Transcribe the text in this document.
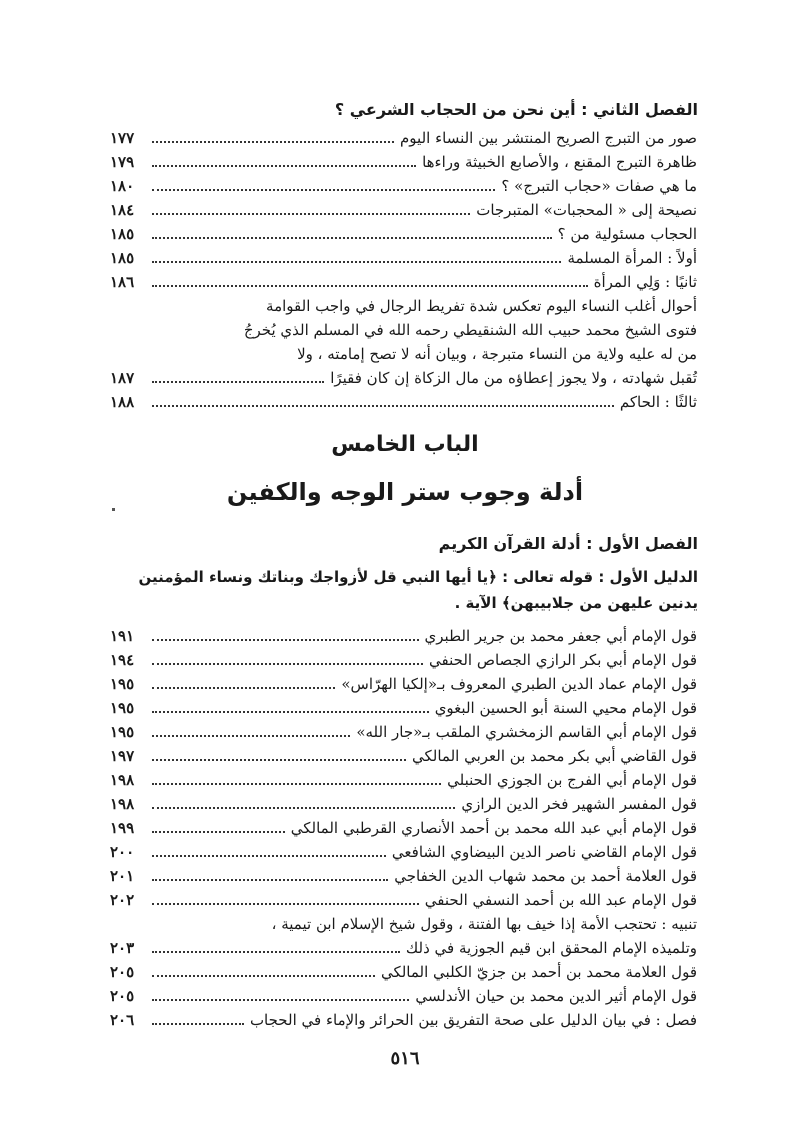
الفصل الثاني : أين نحن من الحجاب الشرعي ؟
صور من التبرج الصريح المنتشر بين النساء اليوم
١٧٧
ظاهرة التبرج المقنع ، والأصابع الخبيثة وراءها
١٧٩
ما هي صفات «حجاب التبرج» ؟
١٨٠
نصيحة إلى « المحجبات» المتبرجات
١٨٤
الحجاب مسئولية من ؟
١٨٥
أولاً : المرأة المسلمة
١٨٥
ثانيًا : وَلِي المرأة
١٨٦
أحوال أغلب النساء اليوم تعكس شدة تفريط الرجال في واجب القوامة
فتوى الشيخ محمد حبيب الله الشنقيطي رحمه الله في المسلم الذي يُخرجُ
من له عليه ولاية من النساء متبرجة ، وبيان أنه لا تصح إمامته ، ولا
تُقبل شهادته ، ولا يجوز إعطاؤه من مال الزكاة إن كان فقيرًا
١٨٧
ثالثًا : الحاكم
١٨٨
الباب الخامس
أدلة وجوب ستر الوجه والكفين
الفصل الأول : أدلة القرآن الكريم
الدليل الأول : قوله تعالى : ﴿يا أيها النبي قل لأزواجك وبناتك ونساء المؤمنين
يدنين عليهن من جلابيبهن﴾ الآية .
قول الإمام أبي جعفر محمد بن جرير الطبري
١٩١
قول الإمام أبي بكر الرازي الجصاص الحنفي
١٩٤
قول الإمام عماد الدين الطبري المعروف بـ«إلكيا الهرّاس»
١٩٥
قول الإمام محيي السنة أبو الحسين البغوي
١٩٥
قول الإمام أبي القاسم الزمخشري الملقب بـ«جار الله»
١٩٥
قول القاضي أبي بكر محمد بن العربي المالكي
١٩٧
قول الإمام أبي الفرج بن الجوزي الحنبلي
١٩٨
قول المفسر الشهير فخر الدين الرازي
١٩٨
قول الإمام أبي عبد الله محمد بن أحمد الأنصاري القرطبي المالكي
١٩٩
قول الإمام القاضي ناصر الدين البيضاوي الشافعي
٢٠٠
قول العلامة أحمد بن محمد شهاب الدين الخفاجي
٢٠١
قول الإمام عبد الله بن أحمد النسفي الحنفي
٢٠٢
تنبيه : تحتجب الأمة إذا خيف بها الفتنة ، وقول شيخ الإسلام ابن تيمية ،
وتلميذه الإمام المحقق ابن قيم الجوزية في ذلك
٢٠٣
قول العلامة محمد بن أحمد بن جزيّ الكلبي المالكي
٢٠٥
قول الإمام أثير الدين محمد بن حيان الأندلسي
٢٠٥
فصل : في بيان الدليل على صحة التفريق بين الحرائر والإماء في الحجاب
٢٠٦
٥١٦
